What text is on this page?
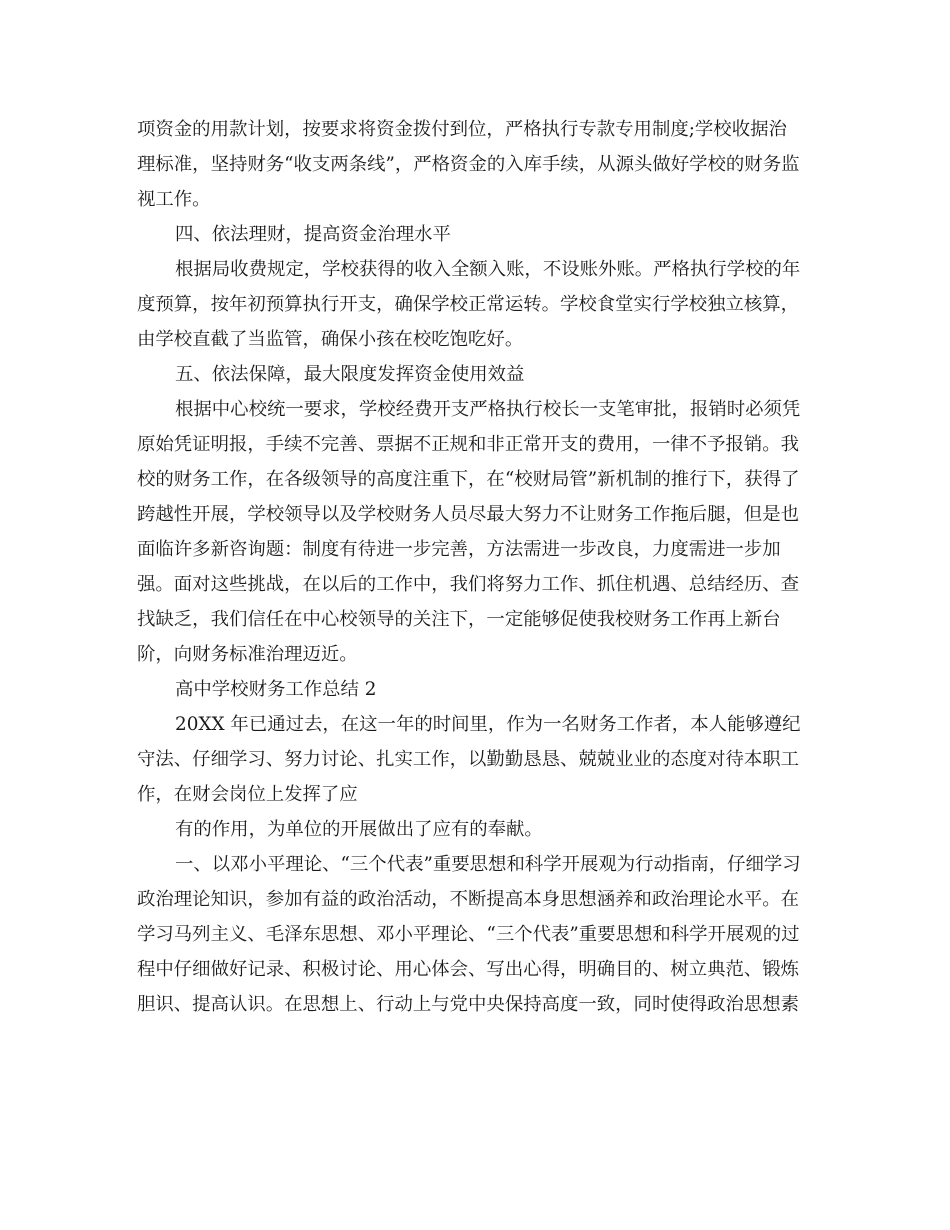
项资金的用款计划，按要求将资金拨付到位，严格执行专款专用制度;学校收据治
理标准，坚持财务“收支两条线”，严格资金的入库手续，从源头做好学校的财务监
视工作。
四、依法理财，提高资金治理水平
根据局收费规定，学校获得的收入全额入账，不设账外账。严格执行学校的年
度预算，按年初预算执行开支，确保学校正常运转。学校食堂实行学校独立核算，
由学校直截了当监管，确保小孩在校吃饱吃好。
五、依法保障，最大限度发挥资金使用效益
根据中心校统一要求，学校经费开支严格执行校长一支笔审批，报销时必须凭
原始凭证明报，手续不完善、票据不正规和非正常开支的费用，一律不予报销。我
校的财务工作，在各级领导的高度注重下，在“校财局管”新机制的推行下，获得了
跨越性开展，学校领导以及学校财务人员尽最大努力不让财务工作拖后腿，但是也
面临许多新咨询题：制度有待进一步完善，方法需进一步改良，力度需进一步加
强。面对这些挑战，在以后的工作中，我们将努力工作、抓住机遇、总结经历、查
找缺乏，我们信任在中心校领导的关注下，一定能够促使我校财务工作再上新台
阶，向财务标准治理迈近。
高中学校财务工作总结 2
20XX 年已通过去，在这一年的时间里，作为一名财务工作者，本人能够遵纪
守法、仔细学习、努力讨论、扎实工作，以勤勤恳恳、兢兢业业的态度对待本职工
作，在财会岗位上发挥了应
有的作用，为单位的开展做出了应有的奉献。
一、以邓小平理论、“三个代表”重要思想和科学开展观为行动指南，仔细学习
政治理论知识，参加有益的政治活动，不断提高本身思想涵养和政治理论水平。在
学习马列主义、毛泽东思想、邓小平理论、“三个代表”重要思想和科学开展观的过
程中仔细做好记录、积极讨论、用心体会、写出心得，明确目的、树立典范、锻炼
胆识、提高认识。在思想上、行动上与党中央保持高度一致，同时使得政治思想素
